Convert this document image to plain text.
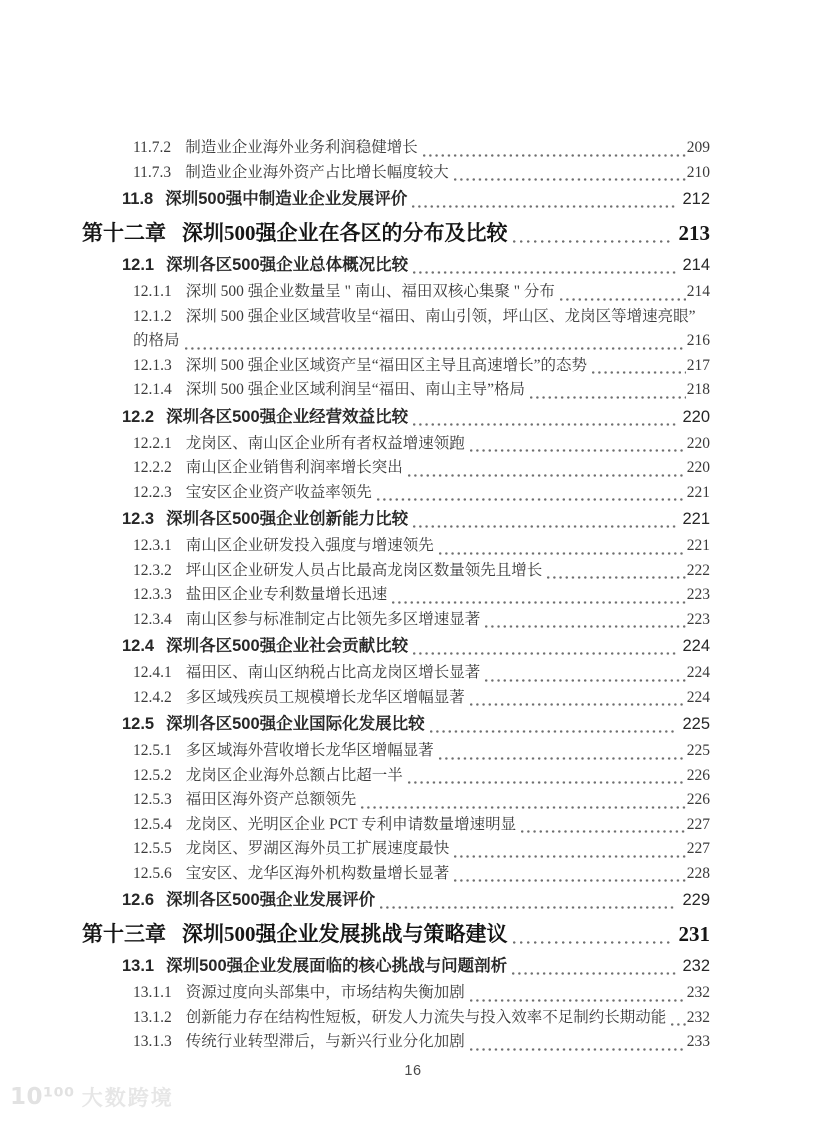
11.7.2 制造业企业海外业务利润稳健增长	209
11.7.3 制造业企业海外资产占比增长幅度较大	210
11.8 深圳500强中制造业企业发展评价	212
第十二章 深圳500强企业在各区的分布及比较	213
12.1 深圳各区500强企业总体概况比较	214
12.1.1 深圳 500 强企业数量呈 " 南山、福田双核心集聚 " 分布	214
12.1.2 深圳 500 强企业区域营收呈“福田、南山引领，坪山区、龙岗区等增速亮眼”
的格局	216
12.1.3 深圳 500 强企业区域资产呈“福田区主导且高速增长”的态势	217
12.1.4 深圳 500 强企业区域利润呈“福田、南山主导”格局	218
12.2 深圳各区500强企业经营效益比较	220
12.2.1 龙岗区、南山区企业所有者权益增速领跑	220
12.2.2 南山区企业销售利润率增长突出	220
12.2.3 宝安区企业资产收益率领先	221
12.3 深圳各区500强企业创新能力比较	221
12.3.1 南山区企业研发投入强度与增速领先	221
12.3.2 坪山区企业研发人员占比最高龙岗区数量领先且增长	222
12.3.3 盐田区企业专利数量增长迅速	223
12.3.4 南山区参与标准制定占比领先多区增速显著	223
12.4 深圳各区500强企业社会贡献比较	224
12.4.1 福田区、南山区纳税占比高龙岗区增长显著	224
12.4.2 多区域残疾员工规模增长龙华区增幅显著	224
12.5 深圳各区500强企业国际化发展比较	225
12.5.1 多区域海外营收增长龙华区增幅显著	225
12.5.2 龙岗区企业海外总额占比超一半	226
12.5.3 福田区海外资产总额领先	226
12.5.4 龙岗区、光明区企业 PCT 专利申请数量增速明显	227
12.5.5 龙岗区、罗湖区海外员工扩展速度最快	227
12.5.6 宝安区、龙华区海外机构数量增长显著	228
12.6 深圳各区500强企业发展评价	229
第十三章 深圳500强企业发展挑战与策略建议	231
13.1 深圳500强企业发展面临的核心挑战与问题剖析	232
13.1.1 资源过度向头部集中，市场结构失衡加剧	232
13.1.2 创新能力存在结构性短板，研发人力流失与投入效率不足制约长期动能 232
13.1.3 传统行业转型滞后，与新兴行业分化加剧	233
16
10¹⁰⁰ 大数跨境
